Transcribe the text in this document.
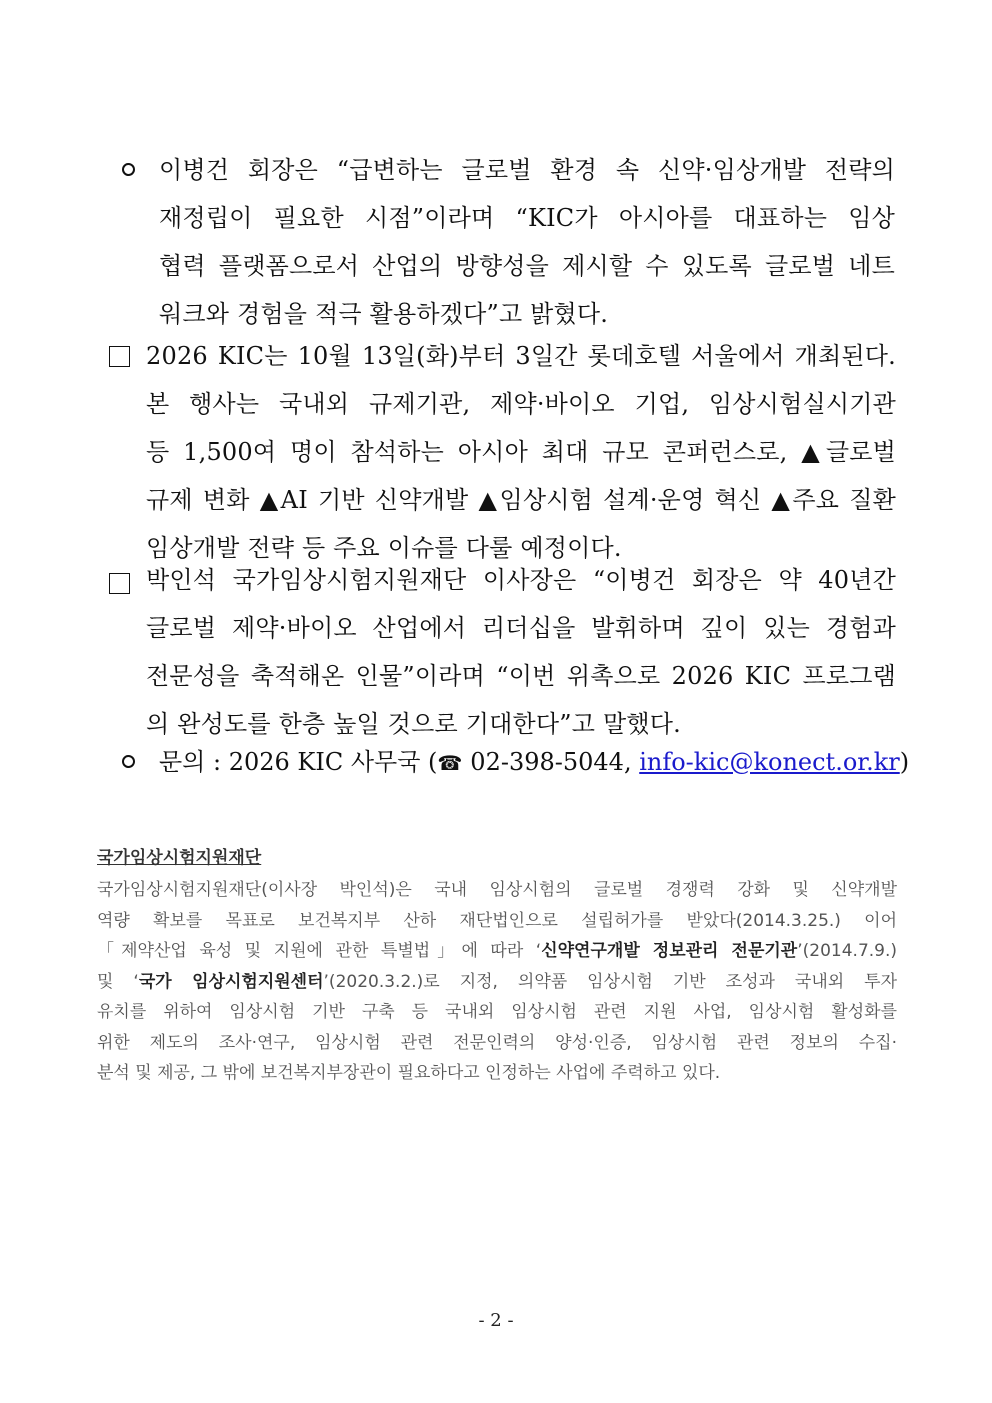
이병건 회장은 “급변하는 글로벌 환경 속 신약·임상개발 전략의
재정립이 필요한 시점”이라며 “KIC가 아시아를 대표하는 임상
협력 플랫폼으로서 산업의 방향성을 제시할 수 있도록 글로벌 네트
워크와 경험을 적극 활용하겠다”고 밝혔다.
2026 KIC는 10월 13일(화)부터 3일간 롯데호텔 서울에서 개최된다.
본 행사는 국내외 규제기관, 제약·바이오 기업, 임상시험실시기관
등 1,500여 명이 참석하는 아시아 최대 규모 콘퍼런스로, ▲글로벌
규제 변화 ▲AI 기반 신약개발 ▲임상시험 설계·운영 혁신 ▲주요 질환
임상개발 전략 등 주요 이슈를 다룰 예정이다.
박인석 국가임상시험지원재단 이사장은 “이병건 회장은 약 40년간
글로벌 제약·바이오 산업에서 리더십을 발휘하며 깊이 있는 경험과
전문성을 축적해온 인물”이라며 “이번 위촉으로 2026 KIC 프로그램
의 완성도를 한층 높일 것으로 기대한다”고 말했다.
문의 : 2026 KIC 사무국 (☎ 02-398-5044, info-kic@konect.or.kr)
국가임상시험지원재단
국가임상시험지원재단(이사장 박인석)은 국내 임상시험의 글로벌 경쟁력 강화 및 신약개발
역량 확보를 목표로 보건복지부 산하 재단법인으로 설립허가를 받았다(2014.3.25.) 이어
「제약산업 육성 및 지원에 관한 특별법」에 따라 ‘신약연구개발 정보관리 전문기관’(2014.7.9.)
및 ‘국가 임상시험지원센터’(2020.3.2.)로 지정, 의약품 임상시험 기반 조성과 국내외 투자
유치를 위하여 임상시험 기반 구축 등 국내외 임상시험 관련 지원 사업, 임상시험 활성화를
위한 제도의 조사·연구, 임상시험 관련 전문인력의 양성·인증, 임상시험 관련 정보의 수집·
분석 및 제공, 그 밖에 보건복지부장관이 필요하다고 인정하는 사업에 주력하고 있다.
- 2 -
